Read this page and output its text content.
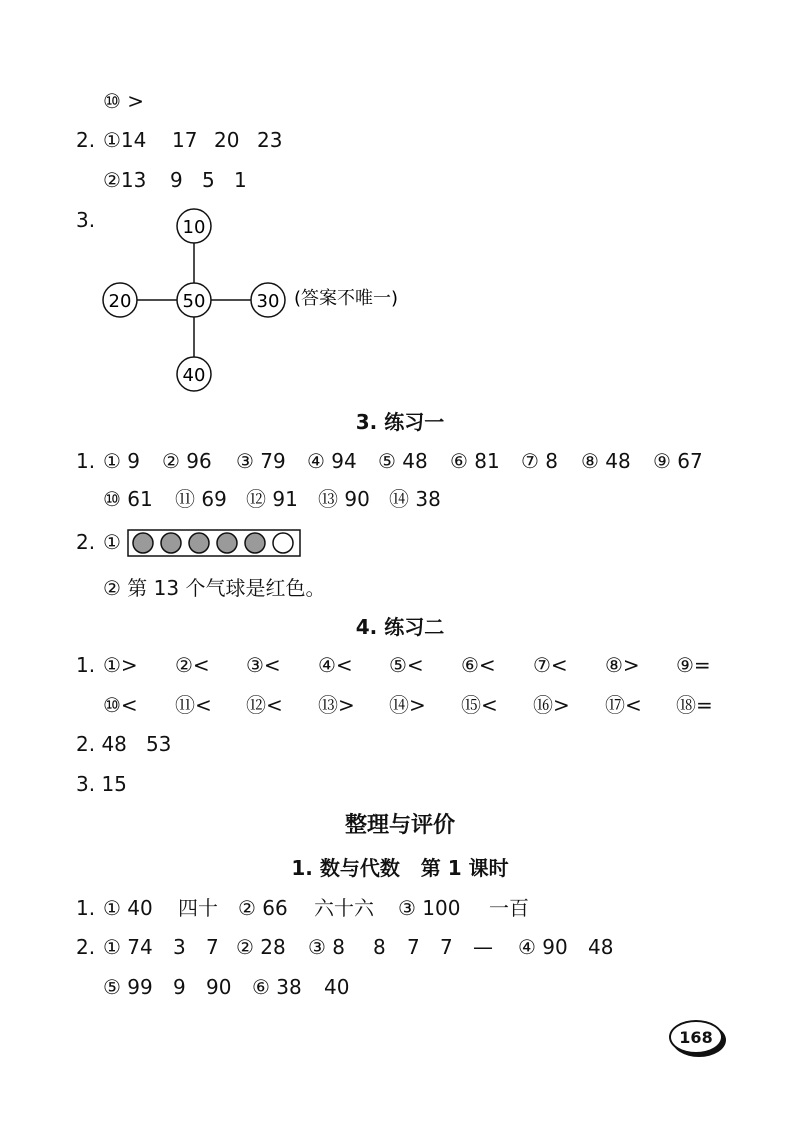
⑩ >
2. ①14 17 20 23
②13 9 5 1
3.	10
20	50	30
40
(答案不唯一)
3. 练习一
1. ① 9 ② 96 ③ 79 ④ 94 ⑤ 48 ⑥ 81 ⑦ 8 ⑧ 48 ⑨ 67
⑩ 61 ⑪ 69 ⑫ 91 ⑬ 90 ⑭ 38
2. ①
② 第 13 个气球是红色。
4. 练习二
1. ①> ②< ③< ④< ⑤< ⑥< ⑦< ⑧> ⑨=
⑩< ⑪< ⑫< ⑬> ⑭> ⑮< ⑯> ⑰< ⑱=
2. 48   53
3. 15
整理与评价
1. 数与代数   第 1 课时
1. ① 40 四十 ② 66 六十六 ③ 100 一百
2. ① 74 3 7 ② 28 ③ 8 8 7 7 — ④ 90 48
⑤ 99 9 90 ⑥ 38 40
168
